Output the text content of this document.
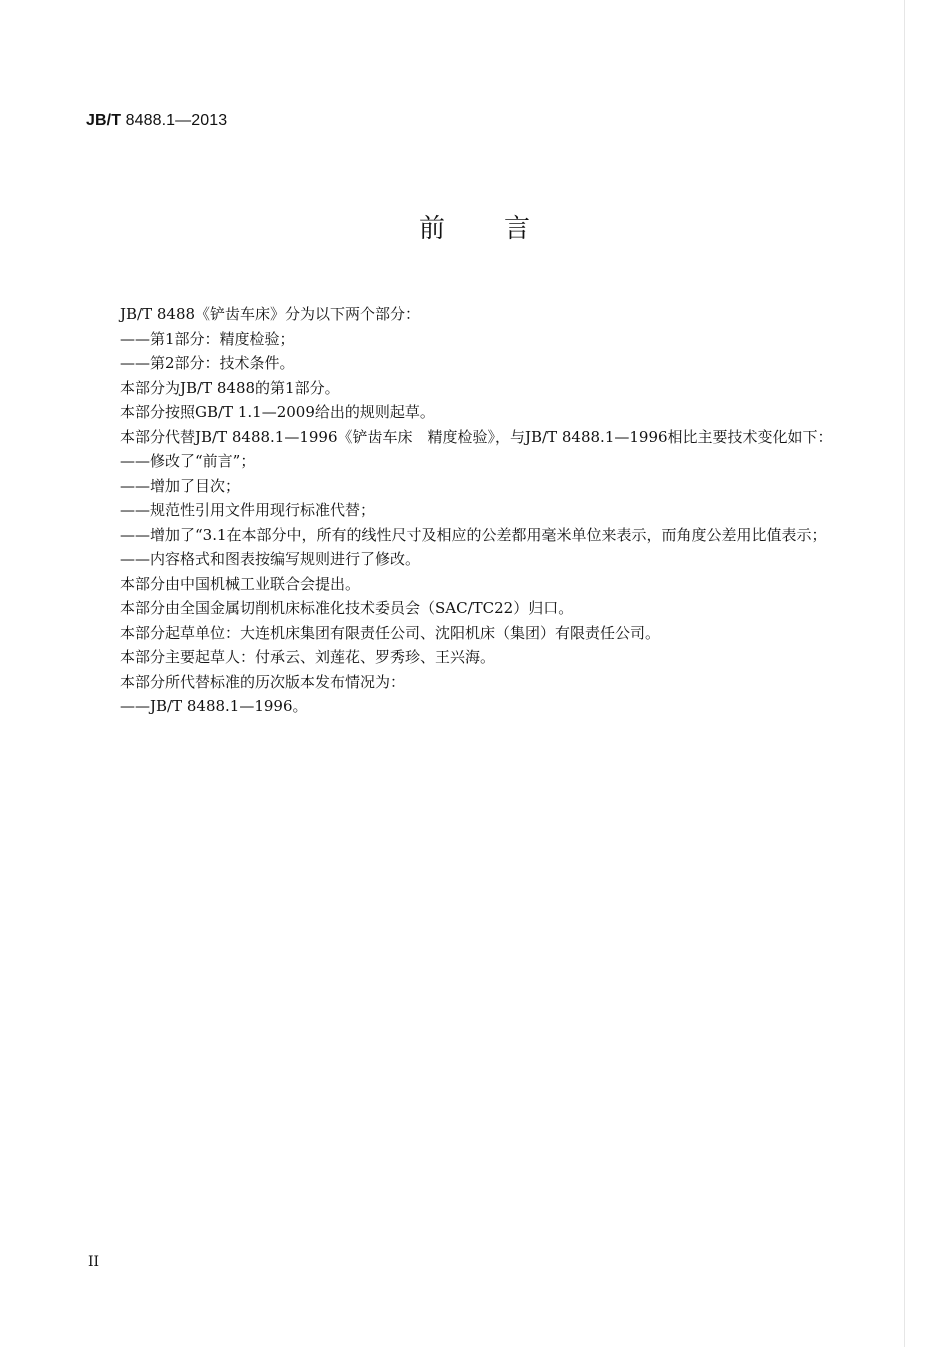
JB/T 8488.1—2013
前 言

JB/T 8488《铲齿车床》分为以下两个部分：

——第1部分：精度检验；

——第2部分：技术条件。

本部分为JB/T 8488的第1部分。

本部分按照GB/T 1.1—2009给出的规则起草。

本部分代替JB/T 8488.1—1996《铲齿车床　精度检验》，与JB/T 8488.1—1996相比主要技术变化如下：

——修改了“前言”；

——增加了目次；

——规范性引用文件用现行标准代替；

——增加了“3.1在本部分中，所有的线性尺寸及相应的公差都用毫米单位来表示，而角度公差用比值表示；

——内容格式和图表按编写规则进行了修改。

本部分由中国机械工业联合会提出。

本部分由全国金属切削机床标准化技术委员会（SAC/TC22）归口。

本部分起草单位：大连机床集团有限责任公司、沈阳机床（集团）有限责任公司。

本部分主要起草人：付承云、刘莲花、罗秀珍、王兴海。

本部分所代替标准的历次版本发布情况为：

——JB/T 8488.1—1996。

II
